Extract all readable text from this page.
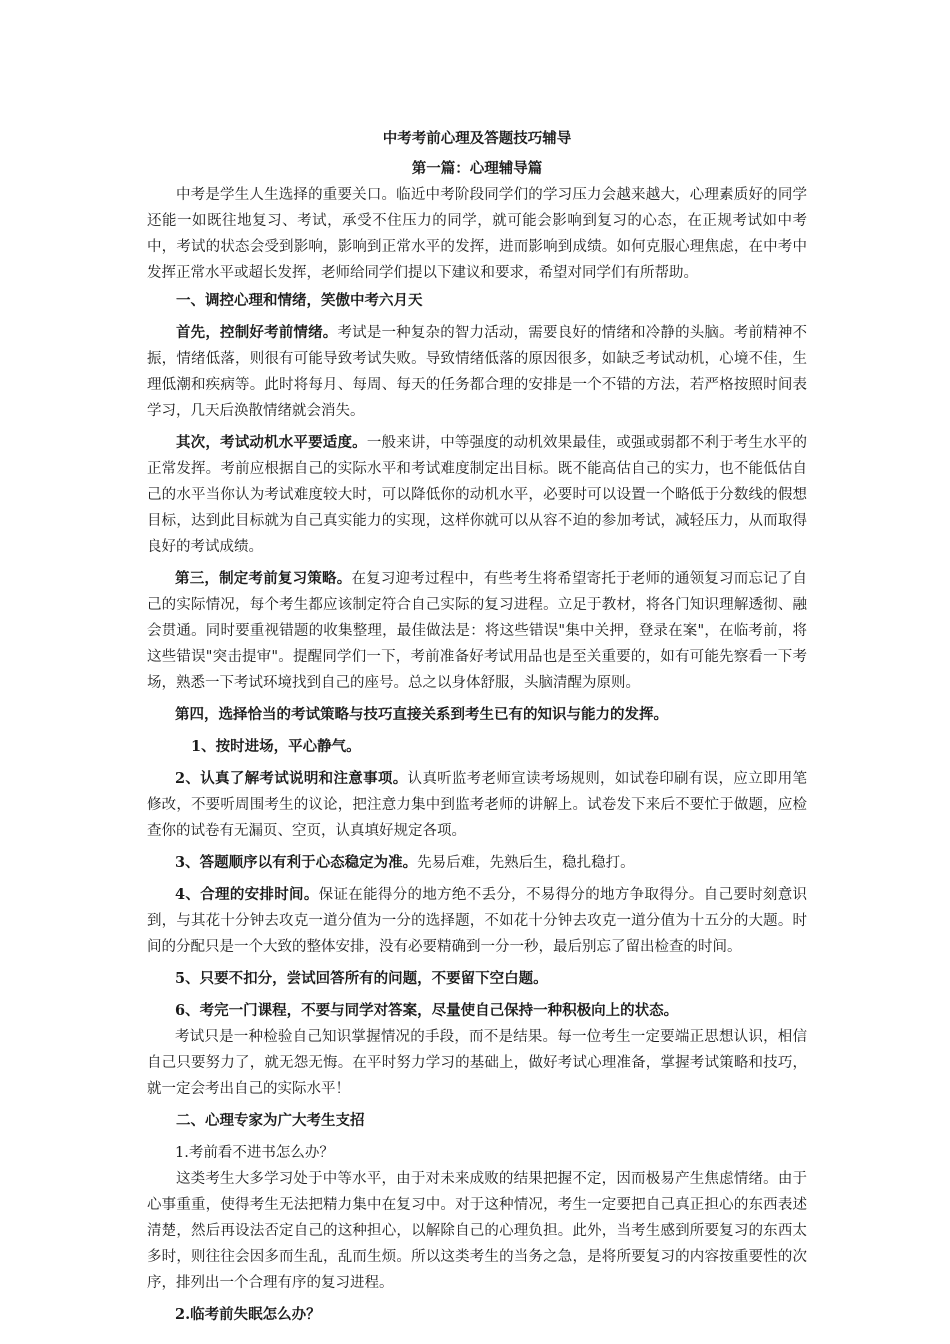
中考考前心理及答题技巧辅导
第一篇：心理辅导篇

中考是学生人生选择的重要关口。临近中考阶段同学们的学习压力会越来越大，心理素质好的同学还能一如既往地复习、考试，承受不住压力的同学，就可能会影响到复习的心态，在正规考试如中考中，考试的状态会受到影响，影响到正常水平的发挥，进而影响到成绩。如何克服心理焦虑，在中考中发挥正常水平或超长发挥，老师给同学们提以下建议和要求，希望对同学们有所帮助。

一、调控心理和情绪，笑傲中考六月天

首先，控制好考前情绪。考试是一种复杂的智力活动，需要良好的情绪和冷静的头脑。考前精神不振，情绪低落，则很有可能导致考试失败。导致情绪低落的原因很多，如缺乏考试动机，心境不佳，生理低潮和疾病等。此时将每月、每周、每天的任务都合理的安排是一个不错的方法，若严格按照时间表学习，几天后涣散情绪就会消失。

其次，考试动机水平要适度。一般来讲，中等强度的动机效果最佳，或强或弱都不利于考生水平的正常发挥。考前应根据自己的实际水平和考试难度制定出目标。既不能高估自己的实力，也不能低估自己的水平当你认为考试难度较大时，可以降低你的动机水平，必要时可以设置一个略低于分数线的假想目标，达到此目标就为自己真实能力的实现，这样你就可以从容不迫的参加考试，减轻压力，从而取得良好的考试成绩。

第三，制定考前复习策略。在复习迎考过程中，有些考生将希望寄托于老师的通领复习而忘记了自己的实际情况，每个考生都应该制定符合自己实际的复习进程。立足于教材，将各门知识理解透彻、融会贯通。同时要重视错题的收集整理，最佳做法是：将这些错误"集中关押，登录在案"，在临考前，将这些错误"突击提审"。提醒同学们一下，考前准备好考试用品也是至关重要的，如有可能先察看一下考场，熟悉一下考试环境找到自己的座号。总之以身体舒服，头脑清醒为原则。

第四，选择恰当的考试策略与技巧直接关系到考生已有的知识与能力的发挥。

1、按时进场，平心静气。

2、认真了解考试说明和注意事项。认真听监考老师宣读考场规则，如试卷印刷有误，应立即用笔修改，不要听周围考生的议论，把注意力集中到监考老师的讲解上。试卷发下来后不要忙于做题，应检查你的试卷有无漏页、空页，认真填好规定各项。

3、答题顺序以有利于心态稳定为准。先易后难，先熟后生，稳扎稳打。

4、合理的安排时间。保证在能得分的地方绝不丢分，不易得分的地方争取得分。自己要时刻意识到，与其花十分钟去攻克一道分值为一分的选择题，不如花十分钟去攻克一道分值为十五分的大题。时间的分配只是一个大致的整体安排，没有必要精确到一分一秒，最后别忘了留出检查的时间。

5、只要不扣分，尝试回答所有的问题，不要留下空白题。

6、考完一门课程，不要与同学对答案，尽量使自己保持一种积极向上的状态。

考试只是一种检验自己知识掌握情况的手段，而不是结果。每一位考生一定要端正思想认识，相信自己只要努力了，就无怨无悔。在平时努力学习的基础上，做好考试心理准备，掌握考试策略和技巧，就一定会考出自己的实际水平！

二、心理专家为广大考生支招

1.考前看不进书怎么办？

这类考生大多学习处于中等水平，由于对未来成败的结果把握不定，因而极易产生焦虑情绪。由于心事重重，使得考生无法把精力集中在复习中。对于这种情况，考生一定要把自己真正担心的东西表述清楚，然后再设法否定自己的这种担心，以解除自己的心理负担。此外，当考生感到所要复习的东西太多时，则往往会因多而生乱，乱而生烦。所以这类考生的当务之急，是将所要复习的内容按重要性的次序，排列出一个合理有序的复习进程。

2.临考前失眠怎么办？
